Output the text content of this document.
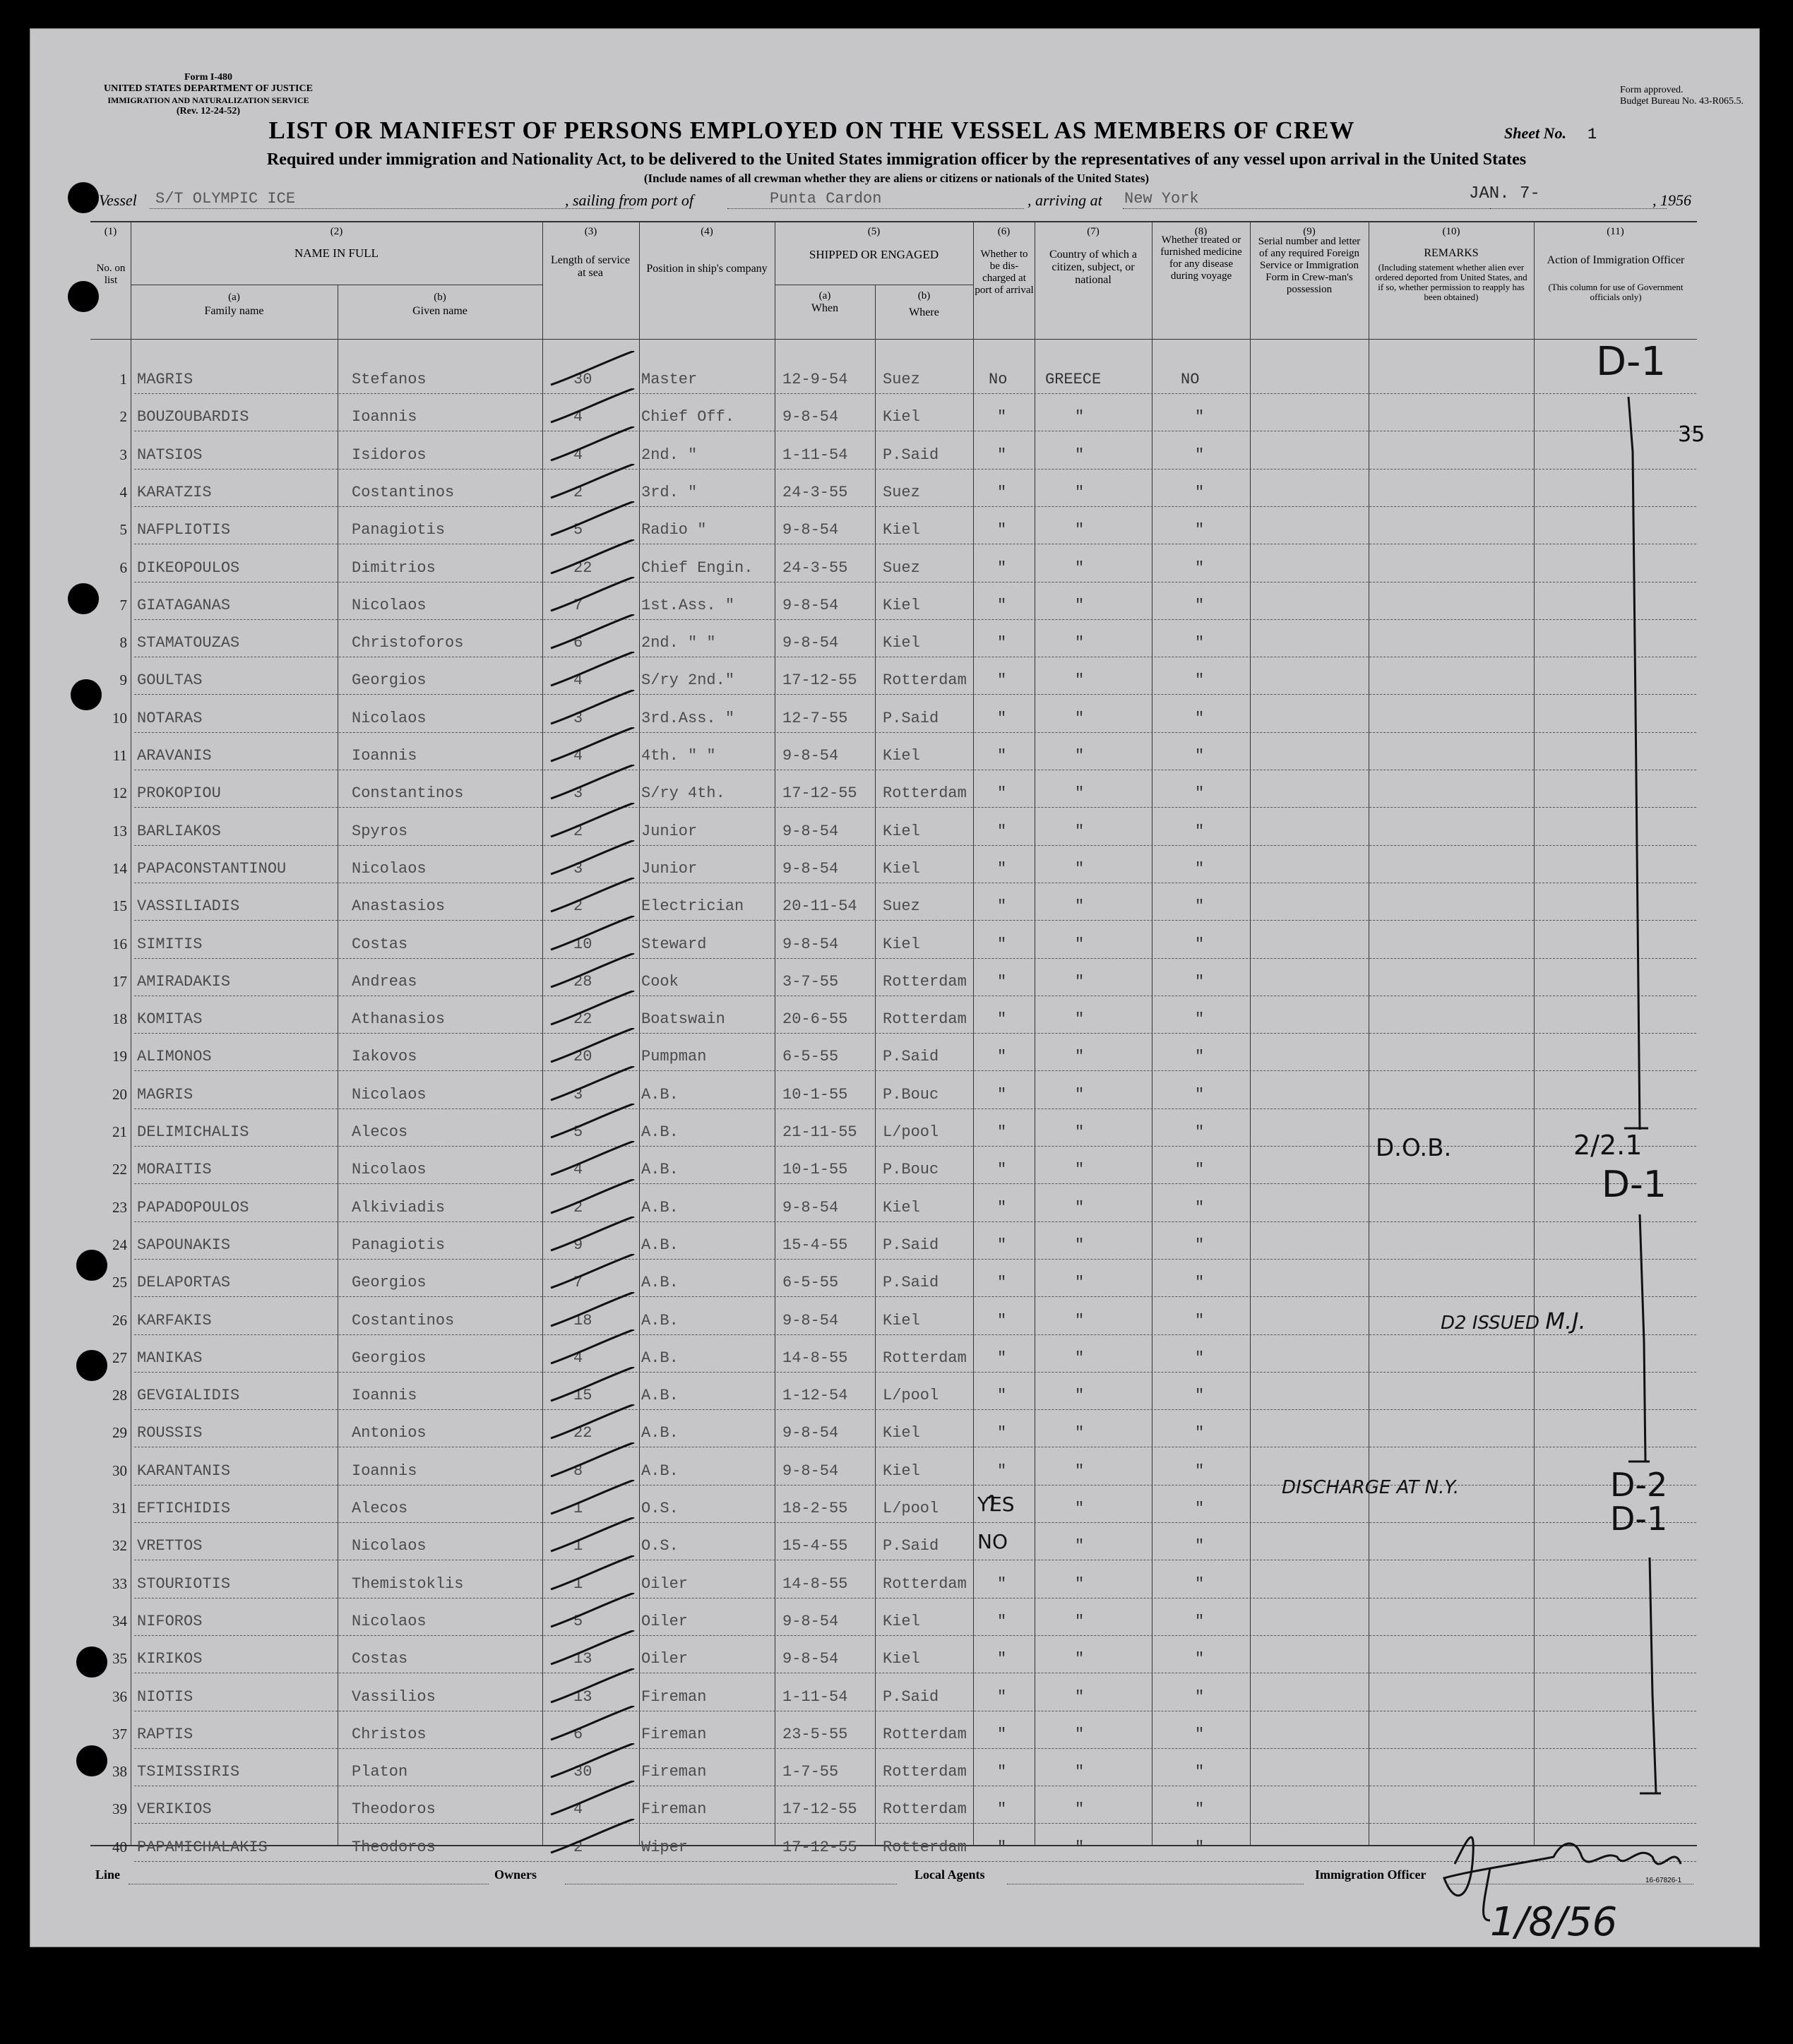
Form I-480
UNITED STATES DEPARTMENT OF JUSTICE
IMMIGRATION AND NATURALIZATION SERVICE
(Rev. 12-24-52)
Form approved.
Budget Bureau No. 43-R065.5.
LIST OR MANIFEST OF PERSONS EMPLOYED ON THE VESSEL AS MEMBERS OF CREW	Sheet No. 1
Required under immigration and Nationality Act, to be delivered to the United States immigration officer by the representatives of any vessel upon arrival in the United States
(Include names of all crewman whether they are aliens or citizens or nationals of the United States)
Vessel S/T OLYMPIC ICE	, sailing from port of	Punta Cardon	, arriving at New York	JAN. 7-	, 1956
(1)	(2)	(3)	(4)	(5)	(6)	(7)	(8)	(9)	(10)	(11)
No. on list
NAME IN FULL
(a)
Family name
(b)
Given name
Length of service at sea	Position in ship's company
SHIPPED OR ENGAGED
(a)
When
(b)
Where
Whether to be dis-charged at port of arrival
Country of which a citizen, subject, or national
Whether treated or furnished medicine for any disease during voyage
Serial number and letter of any required Foreign Service or Immigration Form in Crew-man's possession
REMARKS
(Including statement whether alien ever ordered deported from United States, and if so, whether permission to reapply has been obtained)
Action of Immigration Officer
(This column for use of Government officials only)
1 MAGRIS	Stefanos	30	Master	12-9-54 Suez	No GREECE	NO
2 BOUZOUBARDIS	Ioannis	4	Chief Off.	9-8-54	Kiel	"	"	"
3 NATSIOS	Isidoros	4	2nd. "	1-11-54 P.Said	"	"	"
4 KARATZIS	Costantinos	2	3rd. "	24-3-55 Suez	"	"	"
5 NAFPLIOTIS	Panagiotis	5	Radio "	9-8-54	Kiel	"	"	"
6 DIKEOPOULOS	Dimitrios	22	Chief Engin. 24-3-55 Suez	"	"	"
7 GIATAGANAS	Nicolaos	7	1st.Ass. "	9-8-54	Kiel	"	"	"
8 STAMATOUZAS	Christoforos	6	2nd. " "	9-8-54	Kiel	"	"	"
9 GOULTAS	Georgios	4	S/ry 2nd."	17-12-55 Rotterdam "	"	"
10 NOTARAS	Nicolaos	3	3rd.Ass. "	12-7-55 P.Said	"	"	"
11 ARAVANIS	Ioannis	4	4th. " "	9-8-54	Kiel	"	"	"
12 PROKOPIOU	Constantinos	3	S/ry 4th.	17-12-55 Rotterdam "	"	"
13 BARLIAKOS	Spyros	2	Junior	9-8-54	Kiel	"	"	"
14 PAPACONSTANTINOU	Nicolaos	3	Junior	9-8-54	Kiel	"	"	"
15 VASSILIADIS	Anastasios	2	Electrician 20-11-54 Suez	"	"	"
16 SIMITIS	Costas	10	Steward	9-8-54	Kiel	"	"	"
17 AMIRADAKIS	Andreas	28	Cook	3-7-55	Rotterdam "	"	"
18 KOMITAS	Athanasios	22	Boatswain	20-6-55 Rotterdam "	"	"
19 ALIMONOS	Iakovos	20	Pumpman	6-5-55	P.Said	"	"	"
20 MAGRIS	Nicolaos	3	A.B.	10-1-55 P.Bouc	"	"	"
21 DELIMICHALIS	Alecos	5	A.B.	21-11-55 L/pool	"	"	"
22 MORAITIS	Nicolaos	4	A.B.	10-1-55 P.Bouc	"	"	"
23 PAPADOPOULOS	Alkiviadis	2	A.B.	9-8-54	Kiel	"	"	"
24 SAPOUNAKIS	Panagiotis	9	A.B.	15-4-55 P.Said	"	"	"
25 DELAPORTAS	Georgios	7	A.B.	6-5-55	P.Said	"	"	"
26 KARFAKIS	Costantinos	18	A.B.	9-8-54	Kiel	"	"	"
27 MANIKAS	Georgios	4	A.B.	14-8-55 Rotterdam "	"	"
28 GEVGIALIDIS	Ioannis	15	A.B.	1-12-54 L/pool	"	"	"
29 ROUSSIS	Antonios	22	A.B.	9-8-54	Kiel	"	"	"
30 KARANTANIS	Ioannis	8	A.B.	9-8-54	Kiel	"	"	"
31 EFTICHIDIS	Alecos	1	O.S.	18-2-55 L/pool YES	"	"
32 VRETTOS	Nicolaos	1	O.S.	15-4-55 P.Said NO	"	"
33 STOURIOTIS	Themistoklis	1	Oiler	14-8-55 Rotterdam "	"	"
34 NIFOROS	Nicolaos	5	Oiler	9-8-54	Kiel	"	"	"
35 KIRIKOS	Costas	13	Oiler	9-8-54	Kiel	"	"	"
36 NIOTIS	Vassilios	13	Fireman	1-11-54 P.Said	"	"	"
37 RAPTIS	Christos	6	Fireman	23-5-55 Rotterdam "	"	"
38 TSIMISSIRIS	Platon	30	Fireman	1-7-55	Rotterdam "	"	"
39 VERIKIOS	Theodoros	4	Fireman	17-12-55 Rotterdam "	"	"
40 PAPAMICHALAKIS	Theodoros	2	Wiper	17-12-55 Rotterdam "	"	"
D-1
35
D.O.B.	2/2.1
D-1
D2 ISSUED M.J.
DISCHARGE AT N.Y.	D-2
D-1
16-67826-1
1/8/56
Line	Owners	Local Agents	Immigration Officer
